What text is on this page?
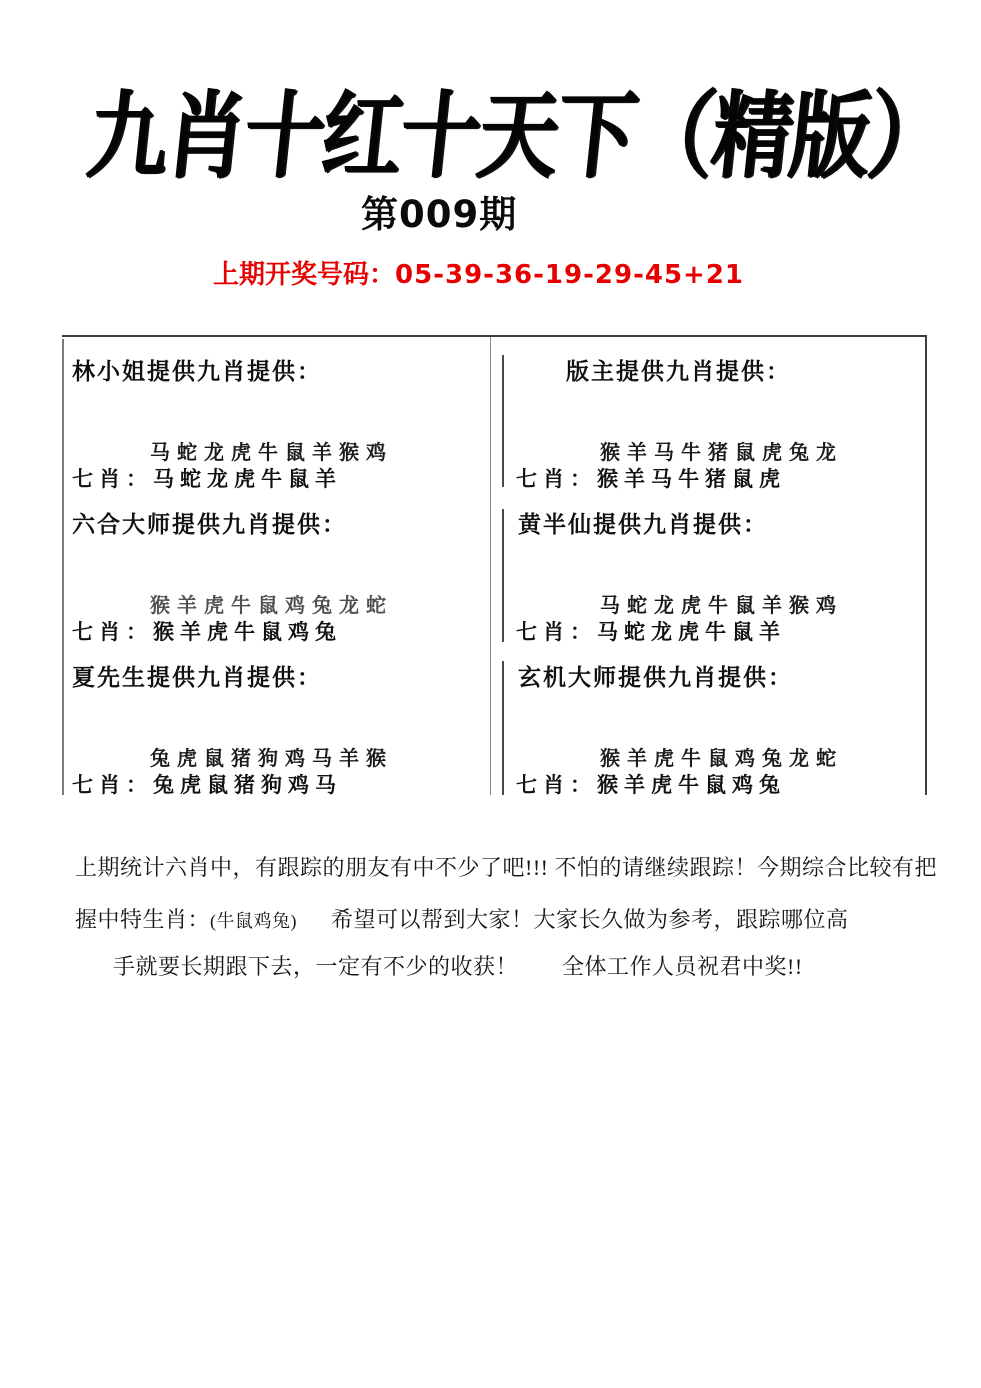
九肖十红十天下（精版）
第009期
上期开奖号码：05-39-36-19-29-45+21
林小姐提供九肖提供：
马蛇龙虎牛鼠羊猴鸡
七肖：马蛇龙虎牛鼠羊
版主提供九肖提供：
猴羊马牛猪鼠虎兔龙
七肖：猴羊马牛猪鼠虎
六合大师提供九肖提供：
猴羊虎牛鼠鸡兔龙蛇
七肖：猴羊虎牛鼠鸡兔
黄半仙提供九肖提供：
马蛇龙虎牛鼠羊猴鸡
七肖：马蛇龙虎牛鼠羊
夏先生提供九肖提供：
兔虎鼠猪狗鸡马羊猴
七肖：兔虎鼠猪狗鸡马
玄机大师提供九肖提供：
猴羊虎牛鼠鸡兔龙蛇
七肖：猴羊虎牛鼠鸡兔
上期统计六肖中，有跟踪的朋友有中不少了吧!!! 不怕的请继续跟踪！今期综合比较有把
握中特生肖：(牛鼠鸡兔) 希望可以帮到大家！大家长久做为参考，跟踪哪位高
手就要长期跟下去，一定有不少的收获！ 全体工作人员祝君中奖!!
